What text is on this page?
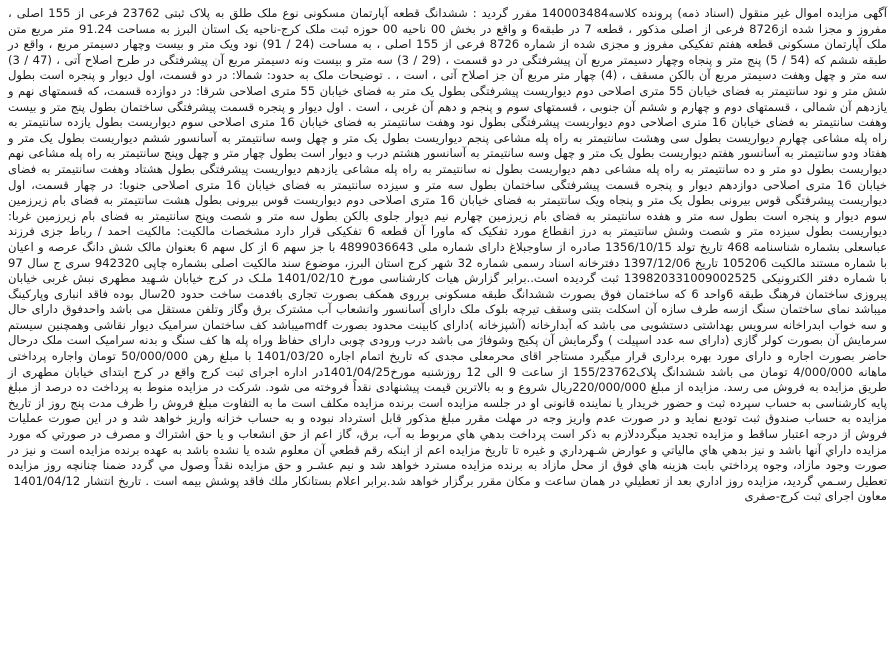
آگهی مزایده اموال غیر منقول (اسناد ذمه) پرونده کلاسه140003484 مفرر گردید : ششدانگ قطعه آپارتمان مسکونی نوع ملک طلق به پلاک ثبتی 23762 فرعی از 155 اصلی ، مفروز و مجزا شده از8726 فرعی از اصلی مذکور ، قطعه 7 در طبقه6 و واقع در بخش 00 ناحیه 00 حوزه ثبت ملک کرج-ناحیه یک استان البرز به مساحت 91.24 متر مربع متن ملک آپارتمان مسکونی قطعه هفتم تفکیکی مفروز و مجزی شده از شماره 8726 فرعی از 155 اصلی ، به مساحت (24 / 91) نود ویک متر و بیست وچهار دسیمتر مربع ، واقع در طبقه ششم که (54 / 5) پنج متر و پنجاه وچهار دسیمتر مربع آن پیشرفتگی در دو قسمت ، (29 / 3) سه متر و بیست ونه دسیمتر مربع آن پیشرفتگی در طرح اصلاح آتی ، (47 / 3) سه متر و چهل وهفت دسیمتر مربع آن بالکن مسقف ، (4) چهار متر مربع آن جز اصلاح آتی ، است ، . توضیحات ملک به حدود: شمالا: در دو قسمت، اول دیوار و پنجره است بطول شش متر و نود سانتیمتر به فضای خیابان 55 متری اصلاحی دوم دیواریست پیشرفتگی بطول یک متر به فضای خیابان 55 متری اصلاحی شرقا: در دوازده قسمت، که قسمتهای نهم و یازدهم آن شمالی ، قسمتهای دوم و چهارم و ششم آن جنوبی ، قسمتهای سوم و پنجم و دهم آن غربی ، است . اول دیوار و پنجره قسمت پیشرفتگی ساختمان بطول پنج متر و بیست وهفت سانتیمتر به فضای خیابان 16 متری اصلاحی دوم دیواریست پیشرفتگی بطول نود وهفت سانتیمتر به فضای خیابان 16 متری اصلاحی سوم دیواریست بطول یازده سانتیمتر به راه پله مشاعی چهارم دیواریست بطول سی وهشت سانتیمتر به راه پله مشاعی پنجم دیواریست بطول یک متر و چهل وسه سانتیمتر به آسانسور ششم دیواریست بطول یک متر و هفتاد ودو سانتیمتر به آسانسور هفتم دیواریست بطول یک متر و چهل وسه سانتیمتر به آسانسور هشتم درب و دیوار است بطول چهار متر و چهل وپنج سانتیمتر به راه پله مشاعی نهم دیواریست بطول دو متر و ده سانتیمتر به راه پله مشاعی دهم دیواریست بطول نه سانتیمتر به راه پله مشاعی یازدهم دیواریست پیشرفتگی بطول هشتاد وهفت سانتیمتر به فضای خیابان 16 متری اصلاحی دوازدهم دیوار و پنجره قسمت پیشرفتگی ساختمان بطول سه متر و سیزده سانتیمتر به فضای خیابان 16 متری اصلاحی جنوبا: در چهار قسمت، اول دیواریست پیشرفتگی قوس بیرونی بطول یک متر و پنجاه ویک سانتیمتر به فضای خیابان 16 متری اصلاحی دوم دیواریست قوس بیرونی بطول هشت سانتیمتر به فضای بام زیرزمین سوم دیوار و پنجره است بطول سه متر و هفده سانتیمتر به فضای بام زیرزمین چهارم نیم دیوار جلوی بالکن بطول سه متر و شصت وپنج سانتیمتر به فضای بام زیرزمین غربا: دیواریست بطول سیزده متر و شصت وشش سانتیمتر به درز انقطاع مورد تفکیک که ماورا آن قطعه 6 تفکیکی قرار دارد مشخصات مالکیت: مالکیت احمد / رباط جزی فرزند عباسعلی بشماره شناسنامه 468 تاریخ تولد 1356/10/15 صادره از ساوجبلاغ دارای شماره ملی 4899036643 با جز سهم 6 از کل سهم 6 بعنوان مالک شش دانگ عرصه و اعیان با شماره مستند مالکیت 105206 تاریخ 1397/12/06 دفترخانه اسناد رسمی شماره 32 شهر کرج استان البرز، موضوع سند مالکیت اصلی بشماره چاپی 942320 سری ج سال 97 با شماره دفتر الکترونیکی 139820331009002525 ثبت گردیده است..برابر گزارش هیات کارشناسی مورخ 1401/02/10 ملـک در کرج خیابان شـهید مطهری نبش غربی خیابان پیروزی ساختمان فرهنگ طبقه 6واحد 6 که ساختمان فوق بصورت ششدانگ طبقه مسکونی برروی همکف بصورت تجاری بافدمت ساخت حدود 20سال بوده فاقد انباری وپارکینگ میباشد نمای ساختمان سنگ ازسه طرف سازه آن اسکلت بتنی وسقف تیرچه بلوک ملک دارای آسانسور وانشعاب آب مشترک برق وگاز وتلفن مستقل می باشد واحدفوق دارای حال و سه خواب ابدراخانه سرویس بهداشتی دستشویی می باشد که آبدارخانه (آشپزخانه )دارای کابینت محدود بصورت mdfمیباشد کف ساختمان سرامیک دیوار نقاشی وهمچنین سیستم سرمایش آن بصورت کولر گازی (دارای سه عدد اسپیلت ) وگرمایش آن پکیج وشوفاژ می باشد درب ورودی چوبی دارای حفاظ وراه پله ها کف سنگ و بدنه سرامیک است ملک درحال حاضر بصورت اجاره و دارای مورد بهره برداری قرار میگیرد مستاجر اقای محرمعلی مجدی که تاریخ اتمام اجاره 1401/03/20 با مبلغ رهن 50/000/000 تومان واجاره پرداختی ماهانه 4/000/000 تومان می باشد ششدانگ پلاک155/23762 از ساعت 9 الی 12 روزشنبه مورخ1401/04/25در اداره اجرای ثبت کرج واقع در کرج ابتدای خیابان مطهری از طریق مزایده به فروش می رسد. مزایده از مبلغ 220/000/000ریال شروع و به بالاترین قیمت پیشنهادی نقداً فروخته می شود. شرکت در مزایده منوط به پرداخت ده درصد از مبلغ پایه کارشناسی به حساب سپرده ثبت و حضور خریدار یا نماینده قانونی او در جلسه مزایده است برنده مزایده مکلف است ما به التفاوت مبلغ فروش را ظرف مدت پنج روز از تاریخ مزایده به حساب صندوق ثبت توديع نمايد و در صورت عدم واريز وجه در مهلت مقرر مبلغ مذکور قابل استرداد نبوده و به حساب خزانه واريز خواهد شد و در اين صورت عمليات فروش از درجه اعتبار ساقط و مزايده تجديد ميگرددلازم به ذكر است پرداخت بدهي هاي مربوط به آب، برق، گاز اعم از حق انشعاب و يا حق اشتراك و مصرف در صورتي كه مورد مزايده داراي آنها باشد و نيز بدهي هاي مالياتي و عوارض شـهرداري و غيره تا تاريخ مزايده اعم از اينكه رقم قطعي آن معلوم شده يا نشده باشد به عهده برنده مزايده است و نيز در صورت وجود مازاد، وجوه پرداختي بابت هزينه هاي فوق از محل مازاد به برنده مزايده مسترد خواهد شد و نيم عشـر و حق مزايده نقداً وصول مي گردد ضمنا چنانچه روز مزايده تعطيل رسـمي گرديد، مزايده روز اداري بعد از تعطيلي در همان ساعت و مكان مقرر برگزار خواهد شد.برابر اعلام بستانكار ملك فاقد پوشش بيمه است . تاريخ انتشار 1401/04/12

معاون اجرای ثبت کرج-صفری
